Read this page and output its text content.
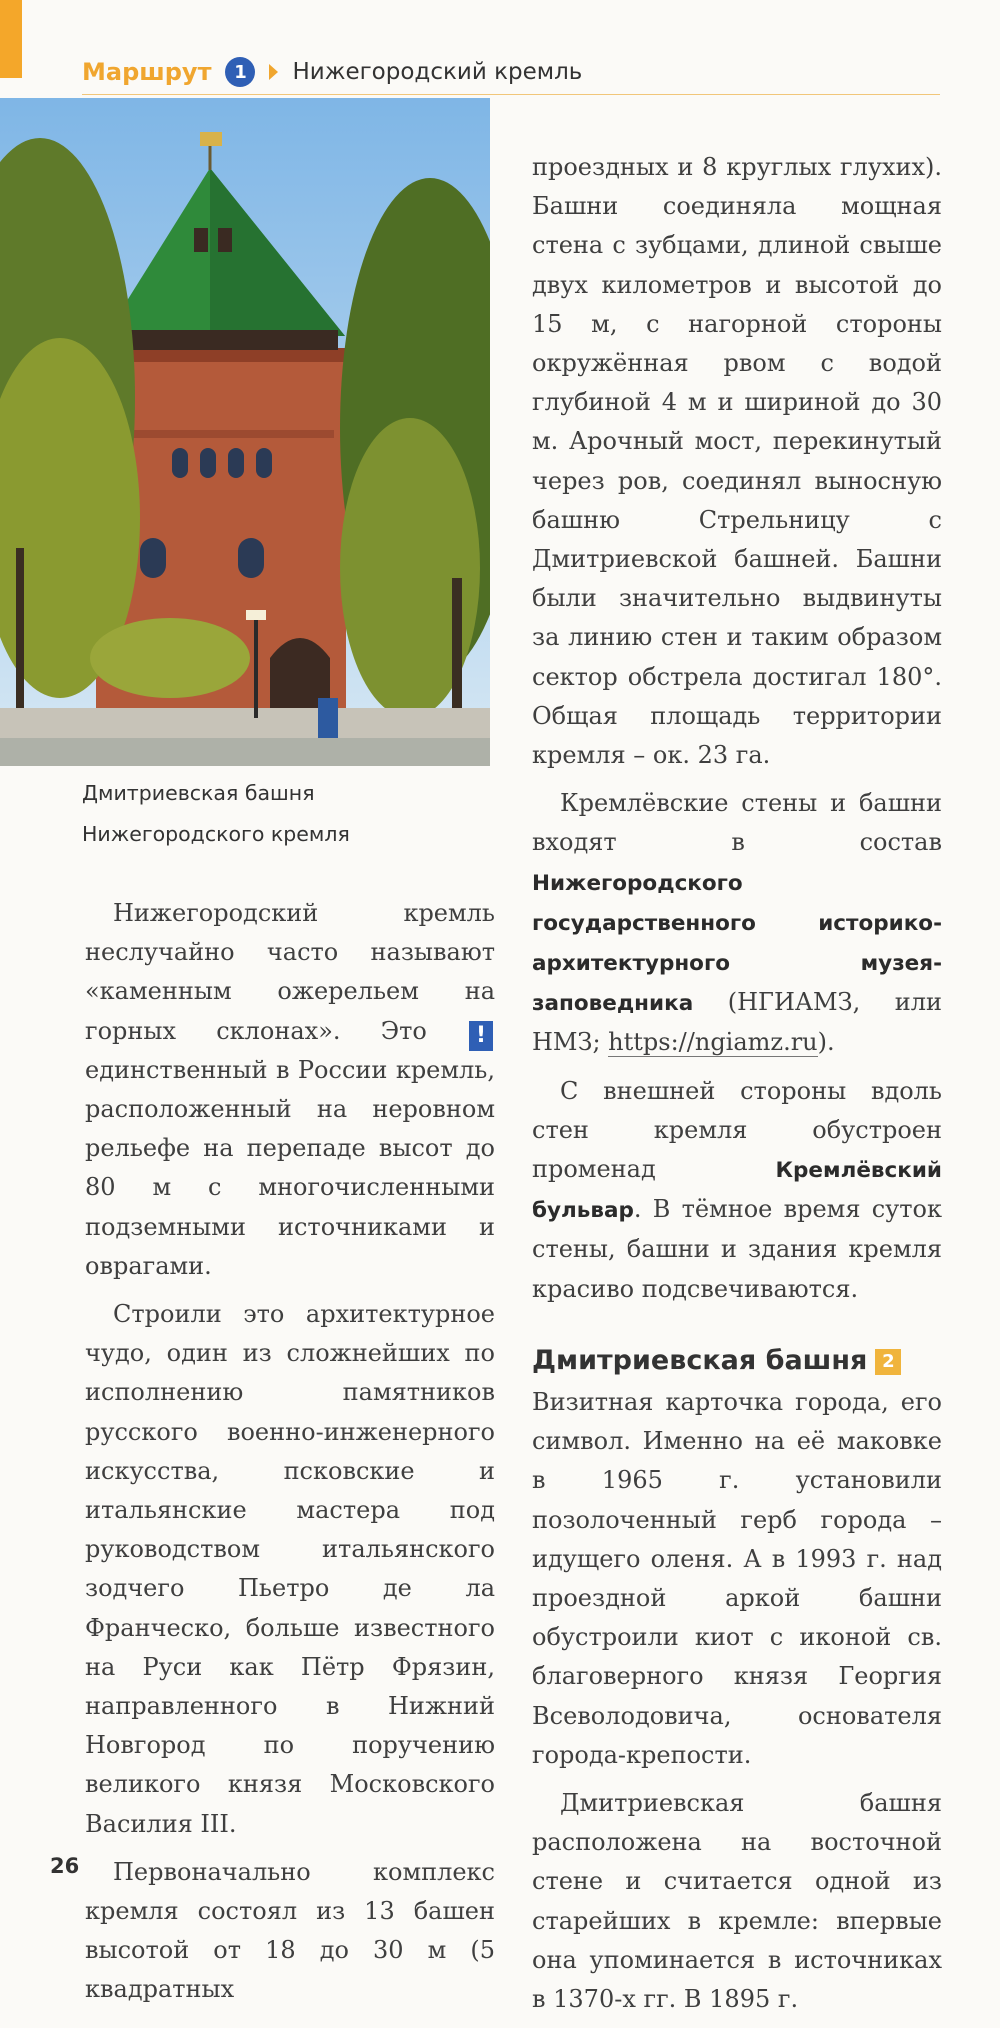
Маршрут	1	Нижегородский кремль
Дмитриевская башня Нижегородского кремля

Нижегородский кремль неслучайно часто называют «каменным ожерельем на горных склонах». Это ! единственный в России кремль, расположенный на неровном рельефе на перепаде высот до 80 м с многочисленными подземными источниками и оврагами.

Строили это архитектурное чудо, один из сложнейших по исполнению памятников русского военно-инженерного искусства, псковские и итальянские мастера под руководством итальянского зодчего Пьетро де ла Франческо, больше известного на Руси как Пётр Фрязин, направленного в Нижний Новгород по поручению великого князя Московского Василия III.

Первоначально комплекс кремля состоял из 13 башен высотой от 18 до 30 м (5 квадратных

проездных и 8 круглых глухих). Башни соединяла мощная стена с зубцами, длиной свыше двух километров и высотой до 15 м, с нагорной стороны окружённая рвом с водой глубиной 4 м и шириной до 30 м. Арочный мост, перекинутый через ров, соединял выносную башню Стрельницу с Дмитриевской башней. Башни были значительно выдвинуты за линию стен и таким образом сектор обстрела достигал 180°. Общая площадь территории кремля – ок. 23 га.

Кремлёвские стены и башни входят в состав Нижегородского государственного историко-архитектурного музея-заповедника (НГИАМЗ, или НМЗ; https://ngiamz.ru).

С внешней стороны вдоль стен кремля обустроен променад Кремлёвский бульвар. В тёмное время суток стены, башни и здания кремля красиво подсвечиваются.

Дмитриевская башня 2

Визитная карточка города, его символ. Именно на её маковке в 1965 г. установили позолоченный герб города – идущего оленя. А в 1993 г. над проездной аркой башни обустроили киот с иконой св. благоверного князя Георгия Всеволодовича, основателя города-крепости.

Дмитриевская башня расположена на восточной стене и считается одной из старейших в кремле: впервые она упоминается в источниках в 1370-х гг. В 1895 г.

26
